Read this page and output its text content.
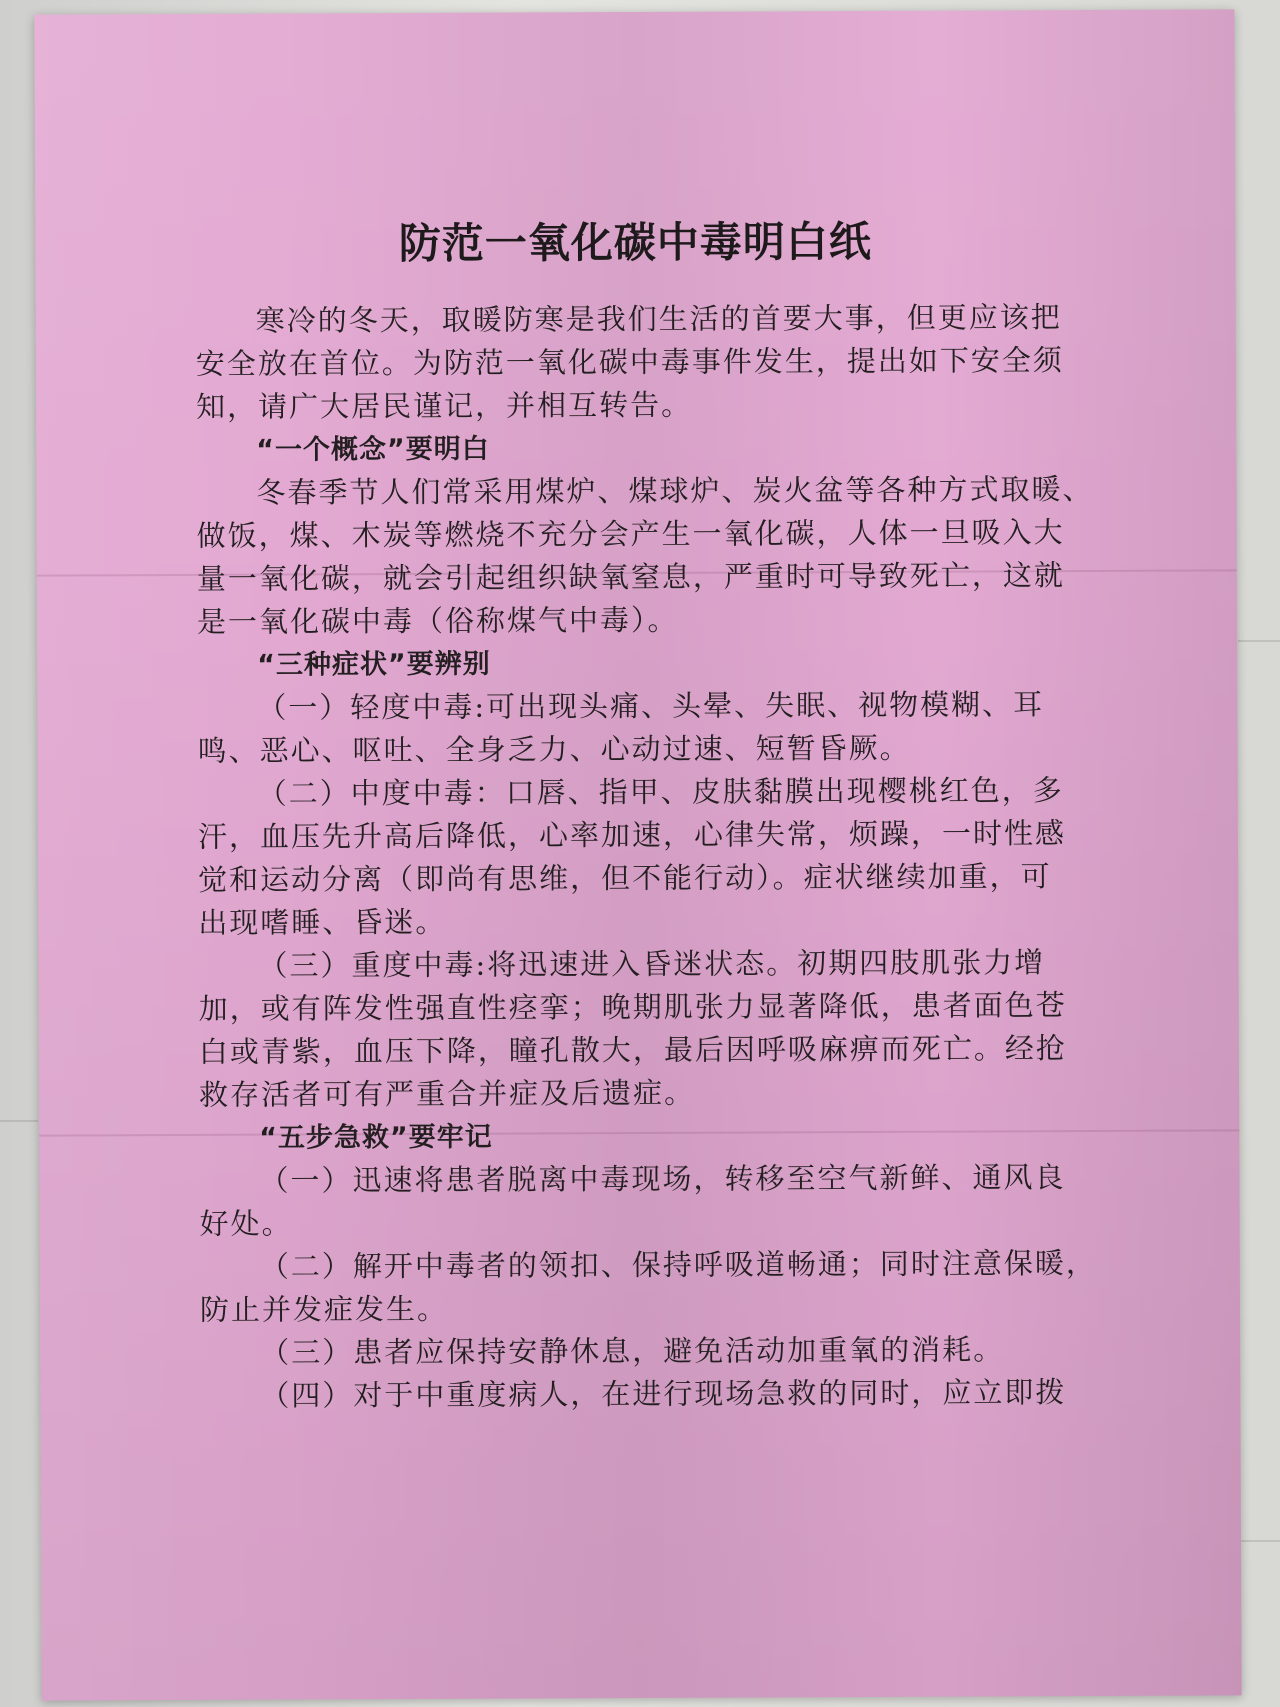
防范一氧化碳中毒明白纸
寒冷的冬天，取暖防寒是我们生活的首要大事，但更应该把
安全放在首位。为防范一氧化碳中毒事件发生，提出如下安全须
知，请广大居民谨记，并相互转告。
“一个概念”要明白
冬春季节人们常采用煤炉、煤球炉、炭火盆等各种方式取暖、
做饭，煤、木炭等燃烧不充分会产生一氧化碳，人体一旦吸入大
量一氧化碳，就会引起组织缺氧窒息，严重时可导致死亡，这就
是一氧化碳中毒（俗称煤气中毒）。
“三种症状”要辨别
（一）轻度中毒:可出现头痛、头晕、失眠、视物模糊、耳
鸣、恶心、呕吐、全身乏力、心动过速、短暂昏厥。
（二）中度中毒：口唇、指甲、皮肤黏膜出现樱桃红色，多
汗，血压先升高后降低，心率加速，心律失常，烦躁，一时性感
觉和运动分离（即尚有思维，但不能行动）。症状继续加重，可
出现嗜睡、昏迷。
（三）重度中毒:将迅速进入昏迷状态。初期四肢肌张力增
加，或有阵发性强直性痉挛；晚期肌张力显著降低，患者面色苍
白或青紫，血压下降，瞳孔散大，最后因呼吸麻痹而死亡。经抢
救存活者可有严重合并症及后遗症。
“五步急救”要牢记
（一）迅速将患者脱离中毒现场，转移至空气新鲜、通风良
好处。
（二）解开中毒者的领扣、保持呼吸道畅通；同时注意保暖，
防止并发症发生。
（三）患者应保持安静休息，避免活动加重氧的消耗。
（四）对于中重度病人，在进行现场急救的同时，应立即拨
